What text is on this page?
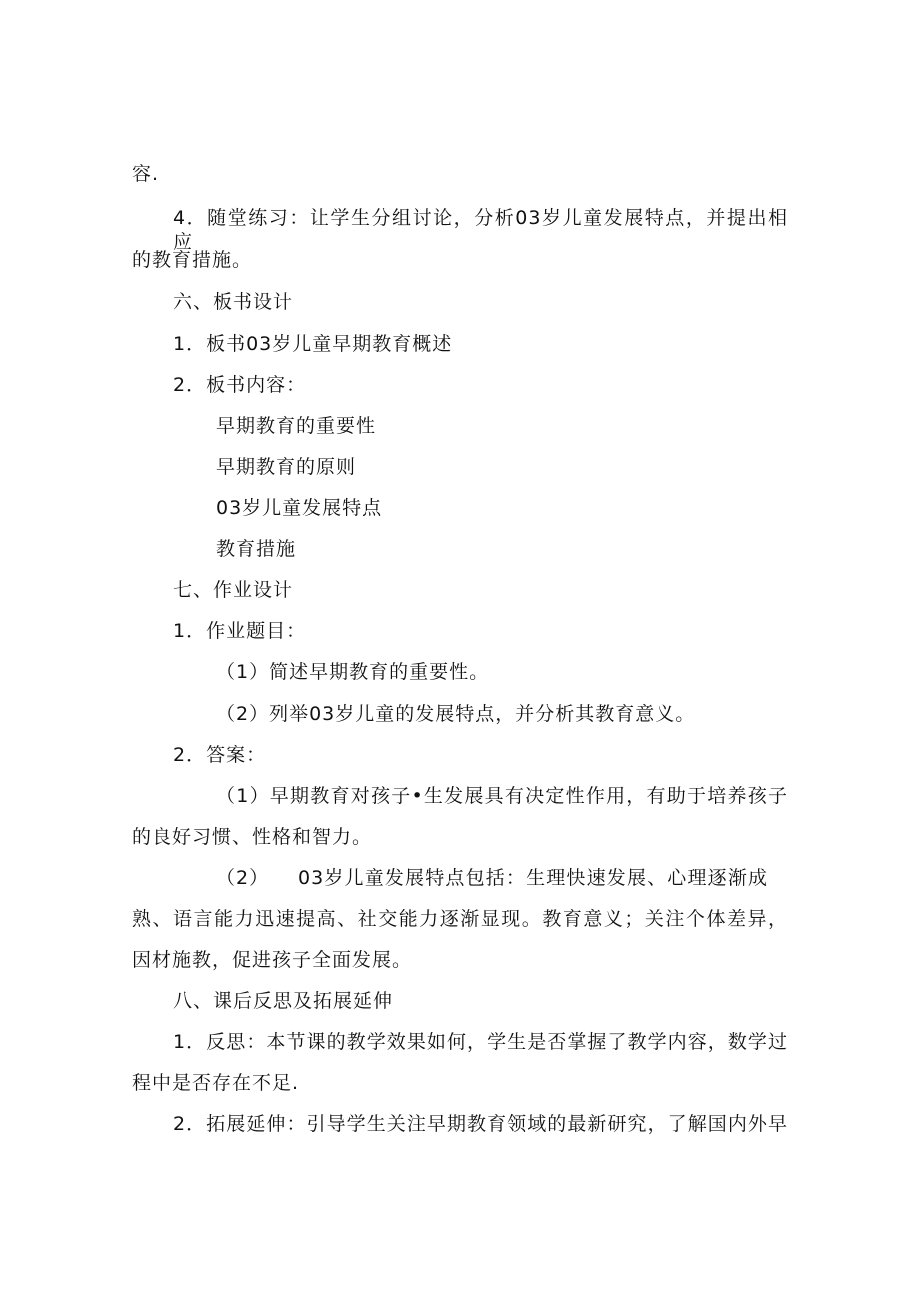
容.
4．随堂练习：让学生分组讨论，分析03岁儿童发展特点，并提出相应
的教育措施。
六、板书设计
1．板书03岁儿童早期教育概述
2．板书内容：
早期教育的重要性
早期教育的原则
03岁儿童发展特点
教育措施
七、作业设计
1．作业题目：
（1）简述早期教育的重要性。
（2）列举03岁儿童的发展特点，并分析其教育意义。
2．答案：
（1）早期教育对孩子•生发展具有决定性作用，有助于培养孩子
的良好习惯、性格和智力。
（2） 03岁儿童发展特点包括：生理快速发展、心理逐渐成
熟、语言能力迅速提高、社交能力逐渐显现。教育意义；关注个体差异，
因材施教，促进孩子全面发展。
八、课后反思及拓展延伸
1．反思：本节课的教学效果如何，学生是否掌握了教学内容，数学过
程中是否存在不足.
2．拓展延伸：引导学生关注早期教育领域的最新研究，了解国内外早
